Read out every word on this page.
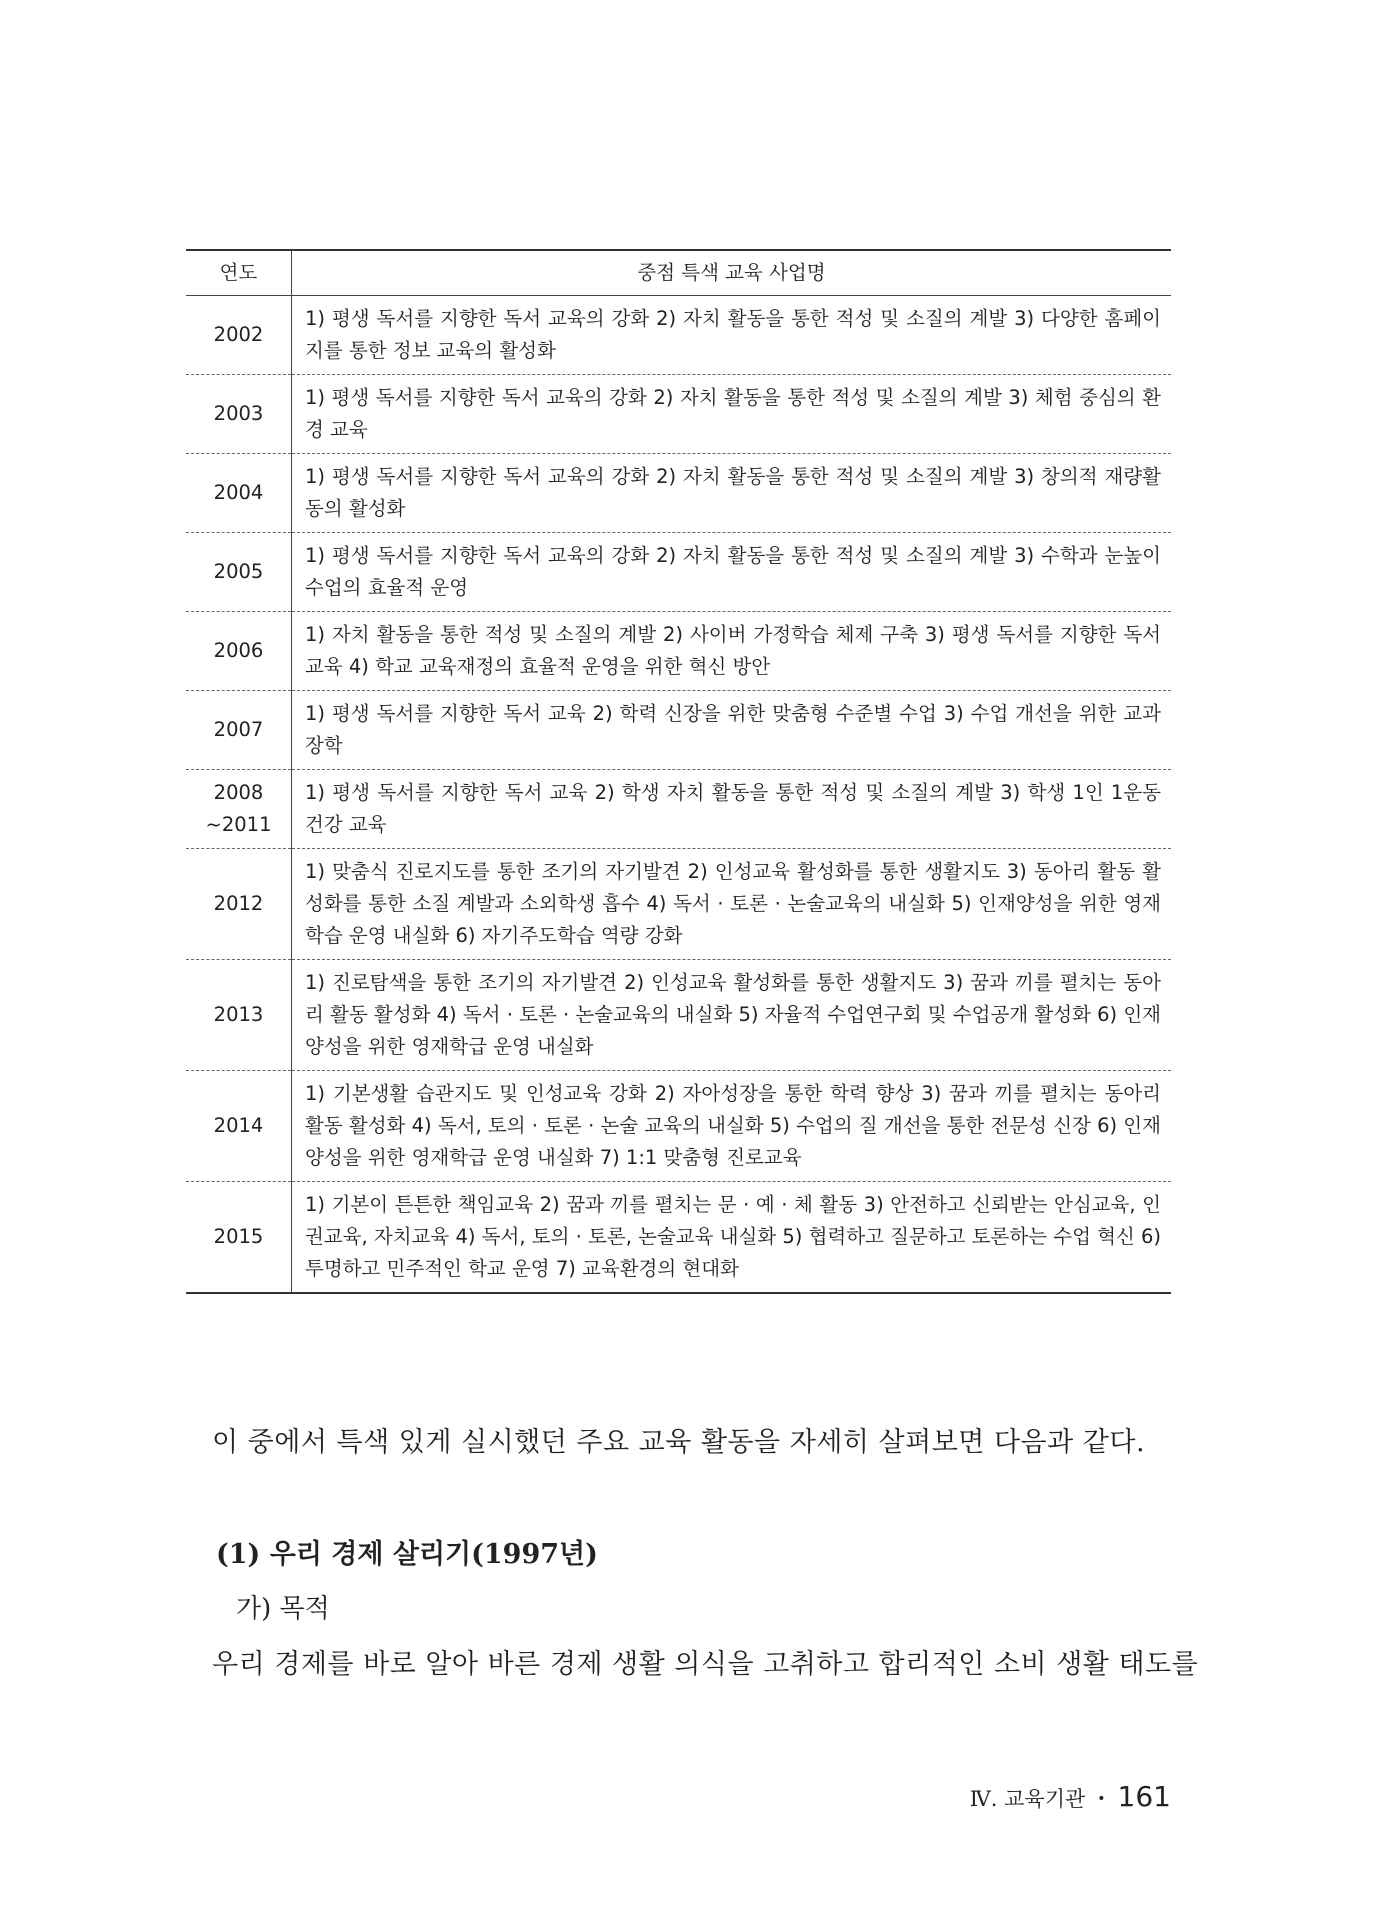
연도	중점 특색 교육 사업명

2002	1) 평생 독서를 지향한 독서 교육의 강화 2) 자치 활동을 통한 적성 및 소질의 계발 3) 다양한 홈페이지를 통한 정보 교육의 활성화

2003	1) 평생 독서를 지향한 독서 교육의 강화 2) 자치 활동을 통한 적성 및 소질의 계발 3) 체험 중심의 환경 교육

2004	1) 평생 독서를 지향한 독서 교육의 강화 2) 자치 활동을 통한 적성 및 소질의 계발 3) 창의적 재량활동의 활성화

2005	1) 평생 독서를 지향한 독서 교육의 강화 2) 자치 활동을 통한 적성 및 소질의 계발 3) 수학과 눈높이 수업의 효율적 운영

2006	1) 자치 활동을 통한 적성 및 소질의 계발 2) 사이버 가정학습 체제 구축 3) 평생 독서를 지향한 독서 교육 4) 학교 교육재정의 효율적 운영을 위한 혁신 방안

2007	1) 평생 독서를 지향한 독서 교육 2) 학력 신장을 위한 맞춤형 수준별 수업 3) 수업 개선을 위한 교과 장학

2008
~2011	1) 평생 독서를 지향한 독서 교육 2) 학생 자치 활동을 통한 적성 및 소질의 계발 3) 학생 1인 1운동 건강 교육

2012	1) 맞춤식 진로지도를 통한 조기의 자기발견 2) 인성교육 활성화를 통한 생활지도 3) 동아리 활동 활성화를 통한 소질 계발과 소외학생 흡수 4) 독서 · 토론 · 논술교육의 내실화 5) 인재양성을 위한 영재학습 운영 내실화 6) 자기주도학습 역량 강화

2013	1) 진로탐색을 통한 조기의 자기발견 2) 인성교육 활성화를 통한 생활지도 3) 꿈과 끼를 펼치는 동아리 활동 활성화 4) 독서 · 토론 · 논술교육의 내실화 5) 자율적 수업연구회 및 수업공개 활성화 6) 인재양성을 위한 영재학급 운영 내실화

2014	1) 기본생활 습관지도 및 인성교육 강화 2) 자아성장을 통한 학력 향상 3) 꿈과 끼를 펼치는 동아리 활동 활성화 4) 독서, 토의 · 토론 · 논술 교육의 내실화 5) 수업의 질 개선을 통한 전문성 신장 6) 인재양성을 위한 영재학급 운영 내실화 7) 1:1 맞춤형 진로교육

2015	1) 기본이 튼튼한 책임교육 2) 꿈과 끼를 펼치는 문 · 예 · 체 활동 3) 안전하고 신뢰받는 안심교육, 인권교육, 자치교육 4) 독서, 토의 · 토론, 논술교육 내실화 5) 협력하고 질문하고 토론하는 수업 혁신 6) 투명하고 민주적인 학교 운영 7) 교육환경의 현대화

이 중에서 특색 있게 실시했던 주요 교육 활동을 자세히 살펴보면 다음과 같다.

(1) 우리 경제 살리기(1997년)

가) 목적

우리 경제를 바로 알아 바른 경제 생활 의식을 고취하고 합리적인 소비 생활 태도를

Ⅳ. 교육기관 • 161
